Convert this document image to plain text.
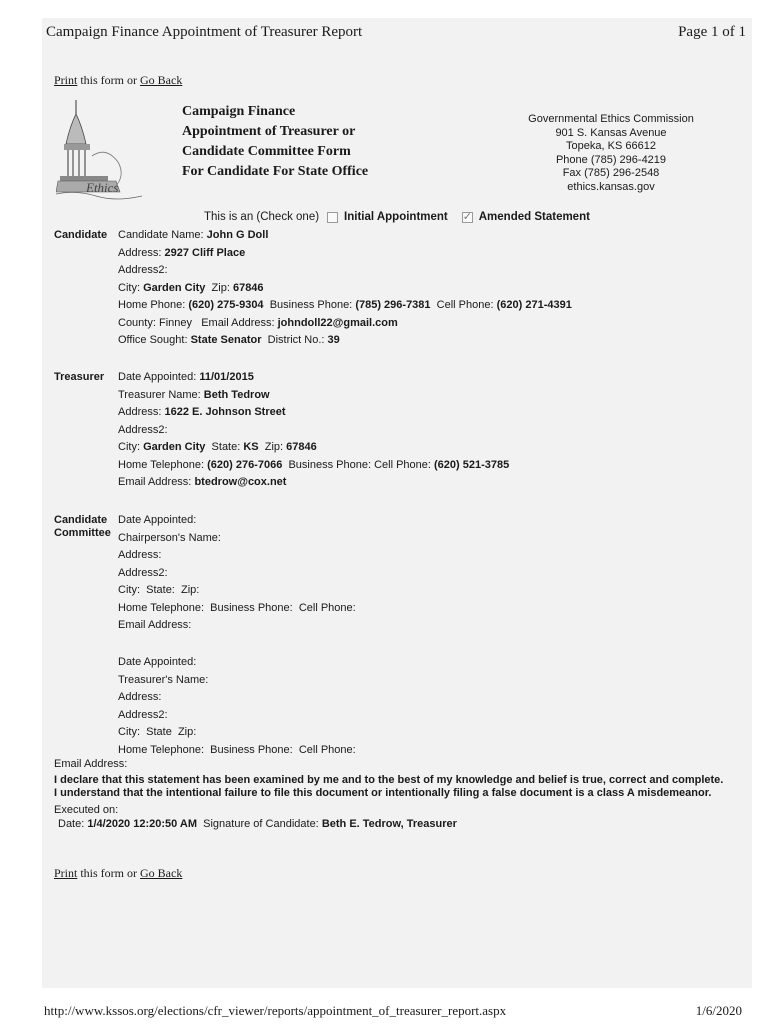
Campaign Finance Appointment of Treasurer Report	Page 1 of 1
Print this form or Go Back
Ethics
Campaign Finance
Appointment of Treasurer or
Candidate Committee Form
For Candidate For State Office
Governmental Ethics Commission
901 S. Kansas Avenue
Topeka, KS 66612
Phone (785) 296-4219
Fax (785) 296-2548
ethics.kansas.gov
This is an (Check one) Initial Appointment
✓	Amended Statement
Candidate Candidate Name: John G Doll
Address: 2927 Cliff Place
Address2:
City: Garden City Zip: 67846
Home Phone: (620) 275-9304 Business Phone: (785) 296-7381 Cell Phone: (620) 271-4391
County: Finney Email Address: johndoll22@gmail.com
Office Sought: State Senator District No.: 39
Treasurer	Date Appointed: 11/01/2015
Treasurer Name: Beth Tedrow
Address: 1622 E. Johnson Street
Address2:
City: Garden City State: KS Zip: 67846
Home Telephone: (620) 276-7066 Business Phone: Cell Phone: (620) 521-3785
Email Address: btedrow@cox.net
Candidate
Committee
Date Appointed:
Chairperson's Name:
Address:
Address2:
City: State: Zip:
Home Telephone: Business Phone: Cell Phone:
Email Address:
Date Appointed:
Treasurer's Name:
Address:
Address2:
City: State Zip:
Home Telephone: Business Phone: Cell Phone:
Email Address:
I declare that this statement has been examined by me and to the best of my knowledge and belief is true, correct and complete. I understand that the intentional failure to file this document or intentionally filing a false document is a class A misdemeanor.
Executed on:
Date: 1/4/2020 12:20:50 AM Signature of Candidate: Beth E. Tedrow, Treasurer
Print this form or Go Back
http://www.kssos.org/elections/cfr_viewer/reports/appointment_of_treasurer_report.aspx	1/6/2020
